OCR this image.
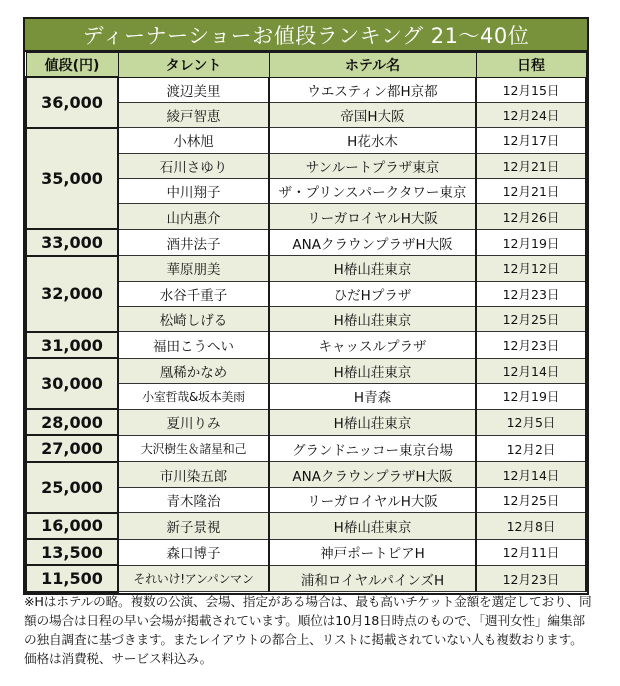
ディーナーショーお値段ランキング 21〜40位
値段(円)	タレント	ホテル名	日程
36,000	渡辺美里	ウエスティン都H京都	12月15日
	綾戸智恵	帝国H大阪	12月24日
35,000	小林旭	H花水木	12月17日
	石川さゆり	サンルートプラザ東京	12月21日
	中川翔子	ザ・プリンスパークタワー東京	12月21日
	山内惠介	リーガロイヤルH大阪	12月26日
33,000	酒井法子	ANAクラウンプラザH大阪	12月19日
32,000	華原朋美	H椿山荘東京	12月12日
	水谷千重子	ひだHプラザ	12月23日
	松崎しげる	H椿山荘東京	12月25日
31,000	福田こうへい	キャッスルプラザ	12月23日
30,000	凰稀かなめ	H椿山荘東京	12月14日
	小室哲哉&坂本美雨	H青森	12月19日
28,000	夏川りみ	H椿山荘東京	12月5日
27,000	大沢樹生＆諸星和己	グランドニッコー東京台場	12月2日
25,000	市川染五郎	ANAクラウンプラザH大阪	12月14日
	青木隆治	リーガロイヤルH大阪	12月25日
16,000	新子景視	H椿山荘東京	12月8日
13,500	森口博子	神戸ポートピアH	12月11日
11,500	それいけ!アンパンマン	浦和ロイヤルパインズH	12月23日
※Hはホテルの略。複数の公演、会場、指定がある場合は、最も高いチケット金額を選定しており、同額の場合は日程の早い会場が掲載されています。順位は10月18日時点のもので、「週刊女性」編集部の独自調査に基づきます。またレイアウトの都合上、リストに掲載されていない人も複数おります。価格は消費税、サービス料込み。
